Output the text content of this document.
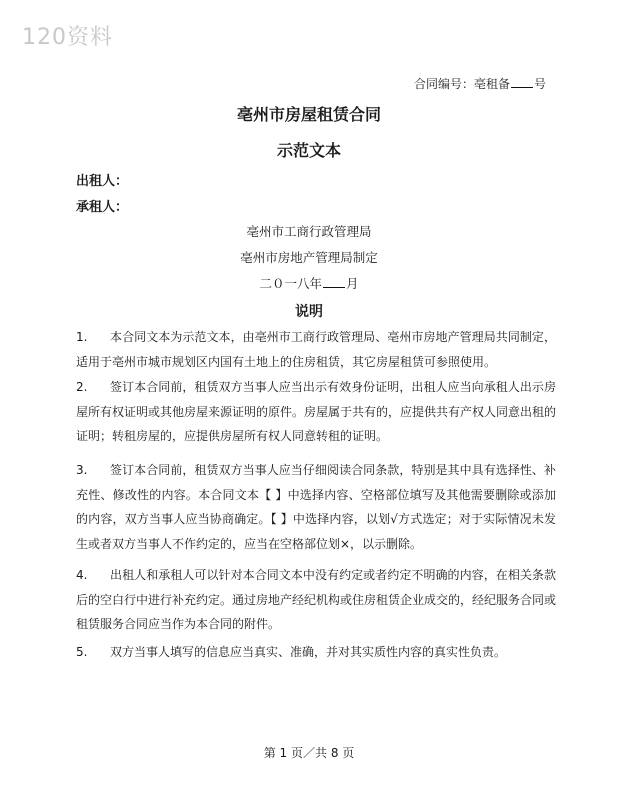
120资料
合同编号：亳租备 号
亳州市房屋租赁合同
示范文本
出租人：
承租人：
亳州市工商行政管理局
亳州市房地产管理局制定
二０一八年 月
说明
1. 本合同文本为示范文本，由亳州市工商行政管理局、亳州市房地产管理局共同制定，适用于亳州市城市规划区内国有土地上的住房租赁，其它房屋租赁可参照使用。
2. 签订本合同前，租赁双方当事人应当出示有效身份证明，出租人应当向承租人出示房屋所有权证明或其他房屋来源证明的原件。房屋属于共有的，应提供共有产权人同意出租的证明；转租房屋的，应提供房屋所有权人同意转租的证明。
3. 签订本合同前，租赁双方当事人应当仔细阅读合同条款，特别是其中具有选择性、补充性、修改性的内容。本合同文本【 】中选择内容、空格部位填写及其他需要删除或添加的内容，双方当事人应当协商确定。【 】中选择内容，以划√方式选定；对于实际情况未发生或者双方当事人不作约定的，应当在空格部位划×，以示删除。
4. 出租人和承租人可以针对本合同文本中没有约定或者约定不明确的内容，在相关条款后的空白行中进行补充约定。通过房地产经纪机构或住房租赁企业成交的，经纪服务合同或租赁服务合同应当作为本合同的附件。
5. 双方当事人填写的信息应当真实、准确，并对其实质性内容的真实性负责。
第 1 页／共 8 页
